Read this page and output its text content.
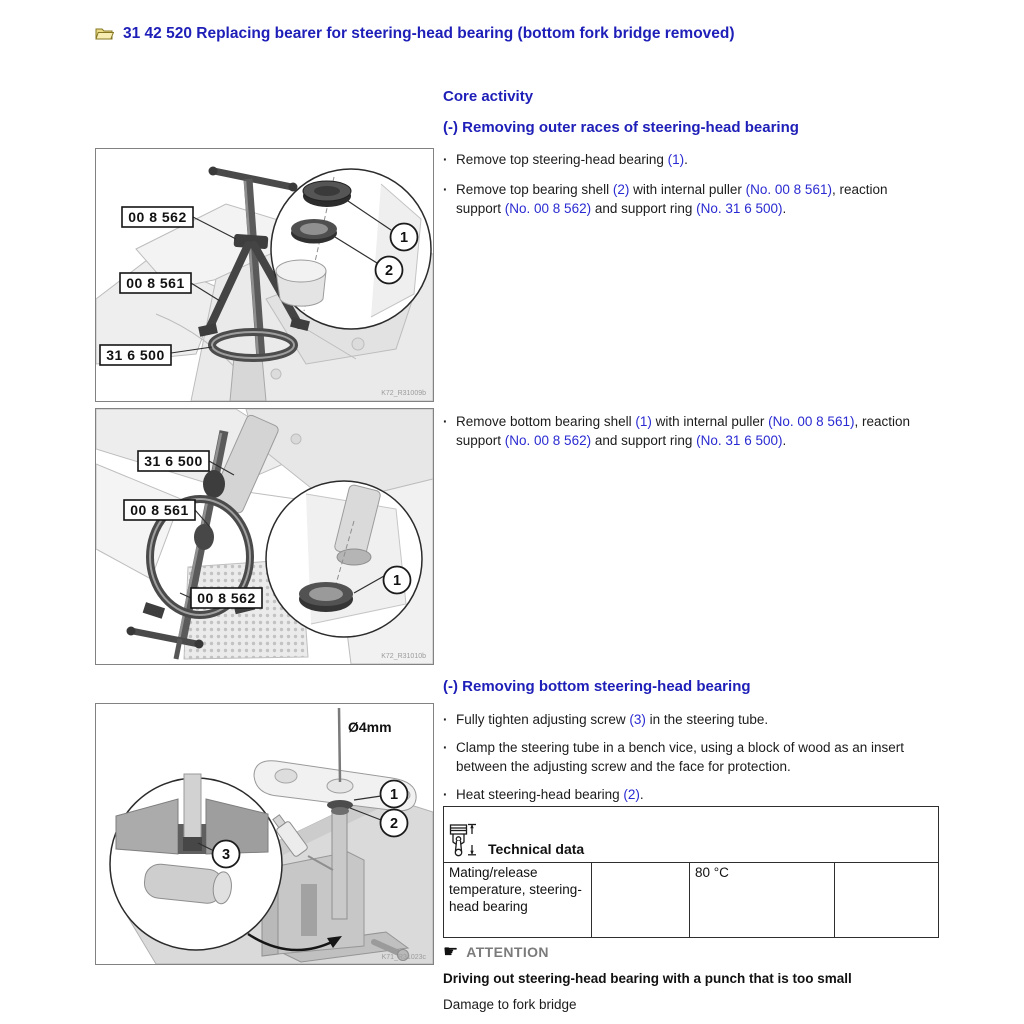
31 42 520 Replacing bearer for steering-head bearing (bottom fork bridge removed)
1
2
00 8 562
00 8 561
31 6 500
K72_R31009b
1
31 6 500
00 8 561
00 8 562
K72_R31010b
Ø4mm
1
2
3
K71_R31023c
Core activity
(-) Removing outer races of steering-head bearing
· Remove top steering-head bearing (1).
· Remove top bearing shell (2) with internal puller (No. 00 8 561), reaction support (No. 00 8 562) and support ring (No. 31 6 500).
· Remove bottom bearing shell (1) with internal puller (No. 00 8 561), reaction support (No. 00 8 562) and support ring (No. 31 6 500).
(-) Removing bottom steering-head bearing
· Fully tighten adjusting screw (3) in the steering tube.
· Clamp the steering tube in a bench vice, using a block of wood as an insert between the adjusting screw and the face for protection.
· Heat steering-head bearing (2).
Technical data

Mating/release temperature, steering-head bearing		80 °C	
☛ ATTENTION
Driving out steering-head bearing with a punch that is too small
Damage to fork bridge
